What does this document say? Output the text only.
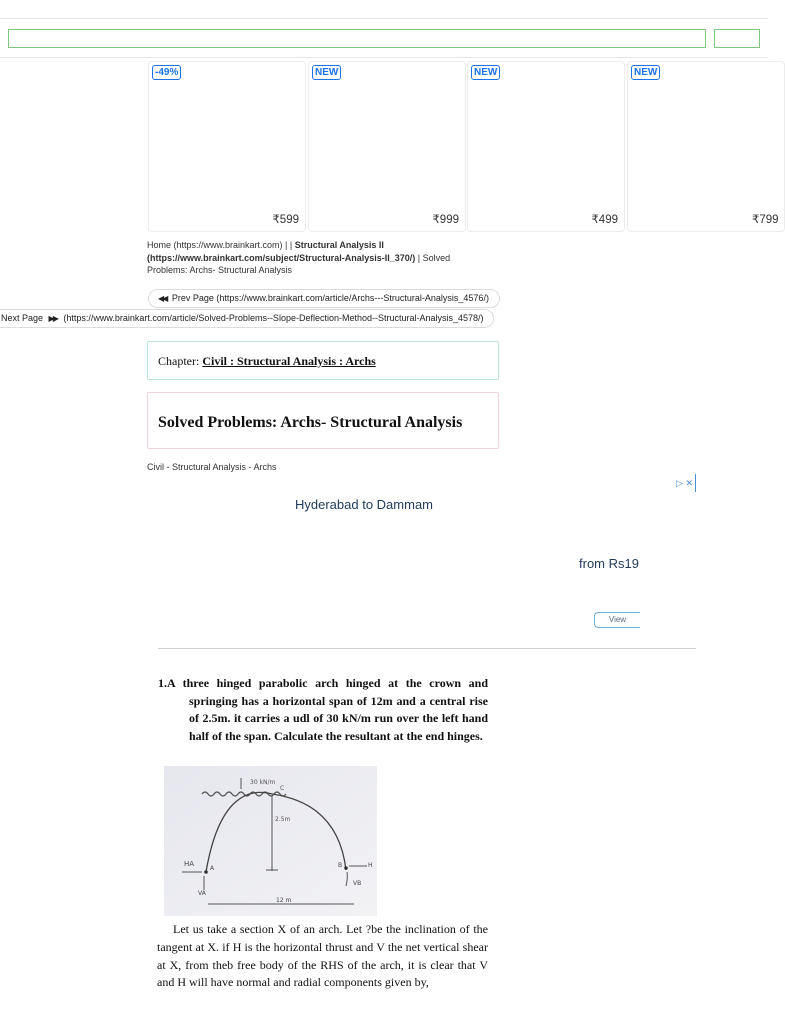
-49%
₹599
NEW
₹999
NEW
₹499
NEW
₹799
Home (https://www.brainkart.com) | | Structural Analysis II (https://www.brainkart.com/subject/Structural-Analysis-II_370/) | Solved Problems: Archs- Structural Analysis
◀◀ Prev Page (https://www.brainkart.com/article/Archs---Structural-Analysis_4576/)
Next Page ▶▶ (https://www.brainkart.com/article/Solved-Problems--Slope-Deflection-Method--Structural-Analysis_4578/)
Chapter: Civil : Structural Analysis : Archs
Solved Problems: Archs- Structural Analysis
Civil - Structural Analysis - Archs
▷ ✕
Hyderabad to Dammam
from Rs19
View
1.A three hinged parabolic arch hinged at the crown and springing has a horizontal span of 12m and a central rise of 2.5m. it carries a udl of 30 kN/m run over the left hand half of the span. Calculate the resultant at the end hinges.
30 kN/m
C
2.5m
HA
A
VA
B	H
VB
12 m
Let us take a section X of an arch. Let ?be the inclination of the tangent at X. if H is the horizontal thrust and V the net vertical shear at X, from theb free body of the RHS of the arch, it is clear that V and H will have normal and radial components given by,
